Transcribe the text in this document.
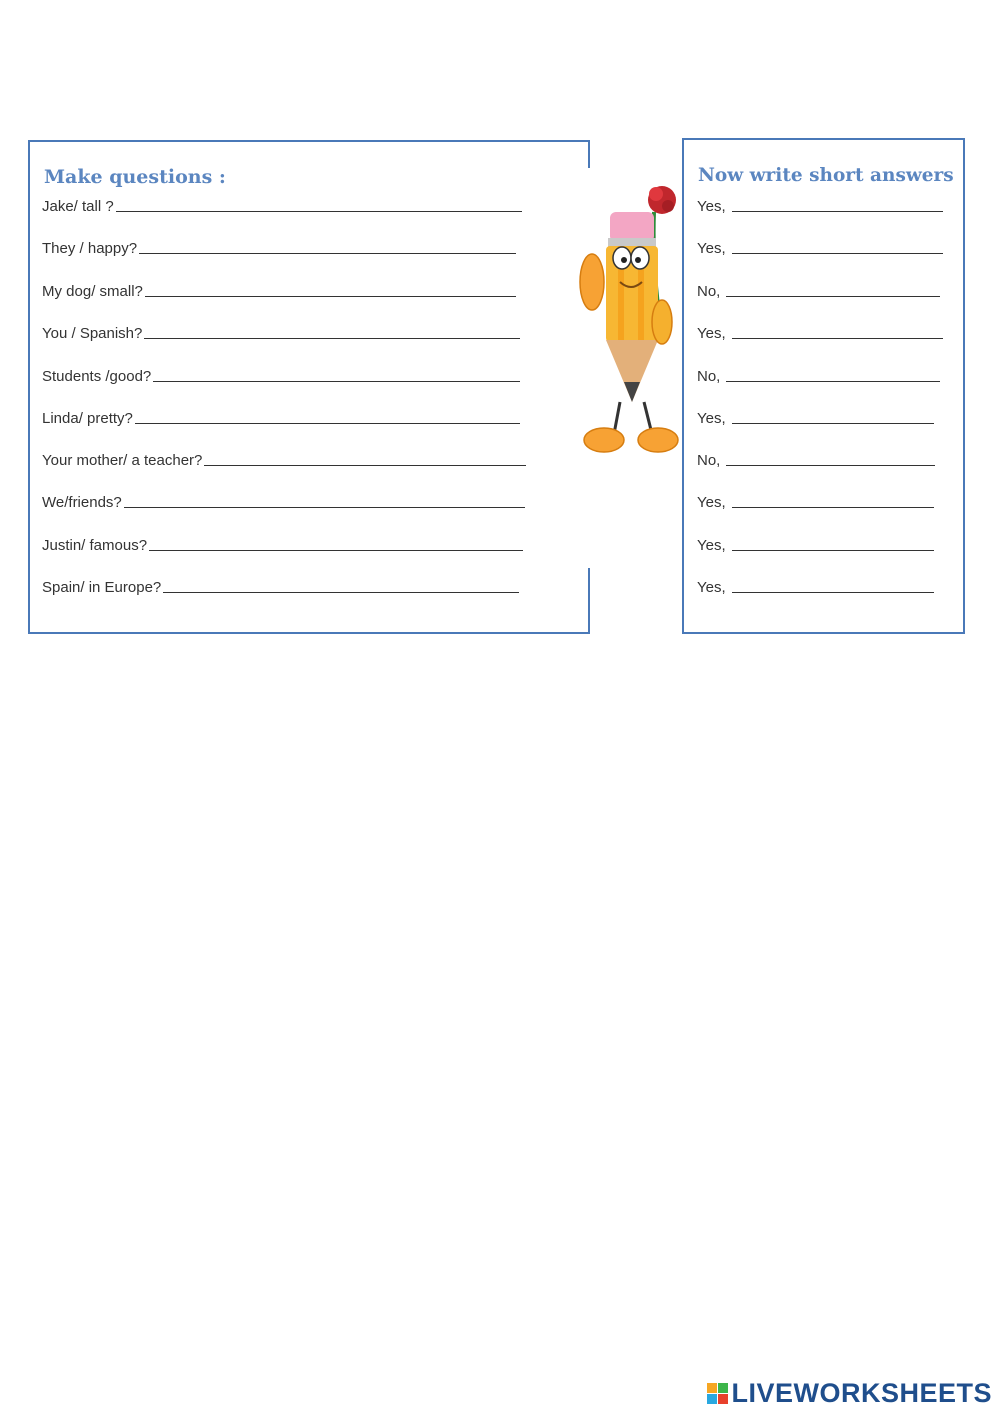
Make questions :	Now write short answers
Jake/ tall ?
They / happy?
My dog/ small?
You / Spanish?
Students /good?
Linda/ pretty?
Your mother/ a teacher?
We/friends?
Justin/ famous?
Spain/ in Europe?
Yes,
Yes,
No,
Yes,
No,
Yes,
No,
Yes,
Yes,
Yes,
LIVEWORKSHEETS
